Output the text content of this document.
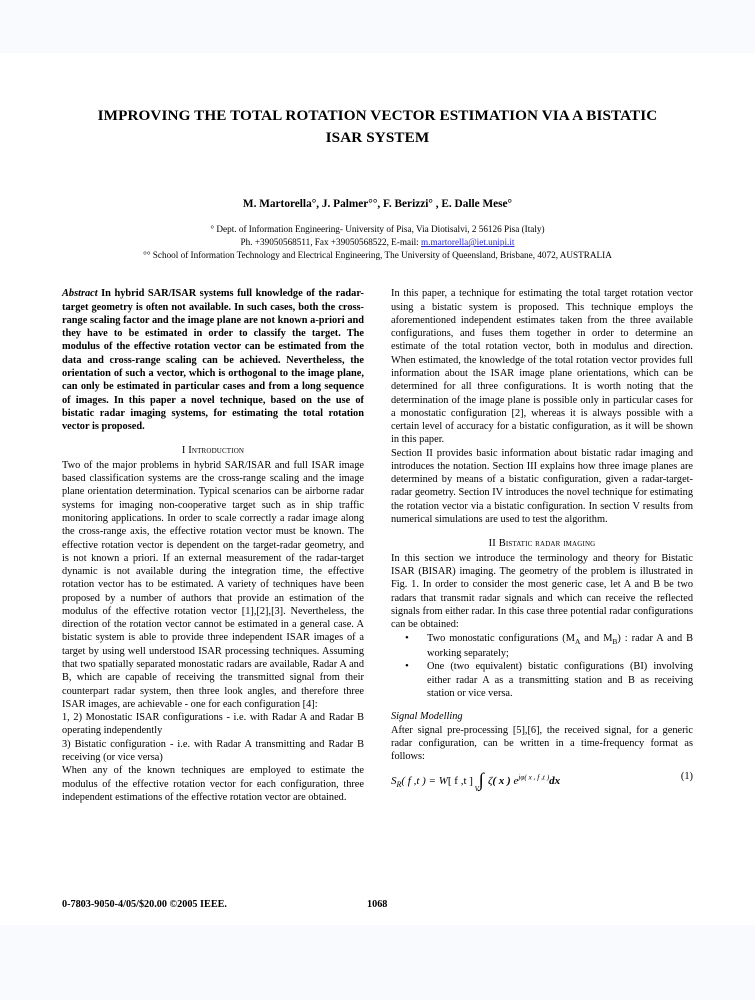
IMPROVING THE TOTAL ROTATION VECTOR ESTIMATION VIA A BISTATIC ISAR SYSTEM
M. Martorella°, J. Palmer°°, F. Berizzi° , E. Dalle Mese°
° Dept. of Information Engineering- University of Pisa, Via Diotisalvi, 2 56126 Pisa (Italy)
Ph. +39050568511, Fax +39050568522, E-mail: m.martorella@iet.unipi.it
°° School of Information Technology and Electrical Engineering, The University of Queensland, Brisbane, 4072, AUSTRALIA

Abstract In hybrid SAR/ISAR systems full knowledge of the radar-target geometry is often not available. In such cases, both the cross-range scaling factor and the image plane are not known a-priori and they have to be estimated in order to classify the target. The modulus of the effective rotation vector can be estimated from the data and cross-range scaling can be achieved. Nevertheless, the orientation of such a vector, which is orthogonal to the image plane, can only be estimated in particular cases and from a long sequence of images. In this paper a novel technique, based on the use of bistatic radar imaging systems, for estimating the total rotation vector is proposed.

I Introduction

Two of the major problems in hybrid SAR/ISAR and full ISAR image based classification systems are the cross-range scaling and the image plane orientation determination. Typical scenarios can be airborne radar systems for imaging non-cooperative target such as in ship traffic monitoring applications. In order to scale correctly a radar image along the cross-range axis, the effective rotation vector must be known. The effective rotation vector is dependent on the target-radar geometry, and is not known a priori. If an external measurement of the radar-target dynamic is not available during the integration time, the effective rotation vector has to be estimated. A variety of techniques have been proposed by a number of authors that provide an estimation of the modulus of the effective rotation vector [1],[2],[3]. Nevertheless, the direction of the rotation vector cannot be estimated in a general case. A bistatic system is able to provide three independent ISAR images of a target by using well understood ISAR processing techniques. Assuming that two spatially separated monostatic radars are available, Radar A and B, which are capable of receiving the transmitted signal from their counterpart radar system, then three look angles, and therefore three ISAR images, are achievable - one for each configuration [4]:

1, 2) Monostatic ISAR configurations - i.e. with Radar A and Radar B operating independently

3) Bistatic configuration - i.e. with Radar A transmitting and Radar B receiving (or vice versa)

When any of the known techniques are employed to estimate the modulus of the effective rotation vector for each configuration, three independent estimations of the effective rotation vector are obtained.

In this paper, a technique for estimating the total target rotation vector using a bistatic system is proposed. This technique employs the aforementioned independent estimates taken from the three available configurations, and fuses them together in order to determine an estimate of the total rotation vector, both in modulus and direction. When estimated, the knowledge of the total rotation vector provides full information about the ISAR image plane orientations, which can be determined for all three configurations. It is worth noting that the determination of the image plane is possible only in particular cases for a monostatic configuration [2], whereas it is always possible with a certain level of accuracy for a bistatic configuration, as it will be shown in this paper.

Section II provides basic information about bistatic radar imaging and introduces the notation. Section III explains how three image planes are determined by means of a bistatic configuration, given a radar-target-radar geometry. Section IV introduces the novel technique for estimating the rotation vector via a bistatic configuration. In section V results from numerical simulations are used to test the algorithm.

II Bistatic radar imaging

In this section we introduce the terminology and theory for Bistatic ISAR (BISAR) imaging. The geometry of the problem is illustrated in Fig. 1. In order to consider the most generic case, let A and B be two radars that transmit radar signals and which can receive the reflected signals from either radar. In this case three potential radar configurations can be obtained:

• Two monostatic configurations ($M_A$ and $M_B$) : radar A and B working separately;
• One (two equivalent) bistatic configurations (BI) involving either radar A as a transmitting station and B as receiving station or vice versa.

Signal Modelling

After signal pre-processing [5],[6], the received signal, for a generic radar configuration, can be written in a time-frequency format as follows:

$S_R$( f ,t ) = W[ f ,t ] $\int_V\zeta$( x ) $e^{j\varphi( x , f ,t )}dx$	(1)
0-7803-9050-4/05/$20.00 ©2005 IEEE.	1068
